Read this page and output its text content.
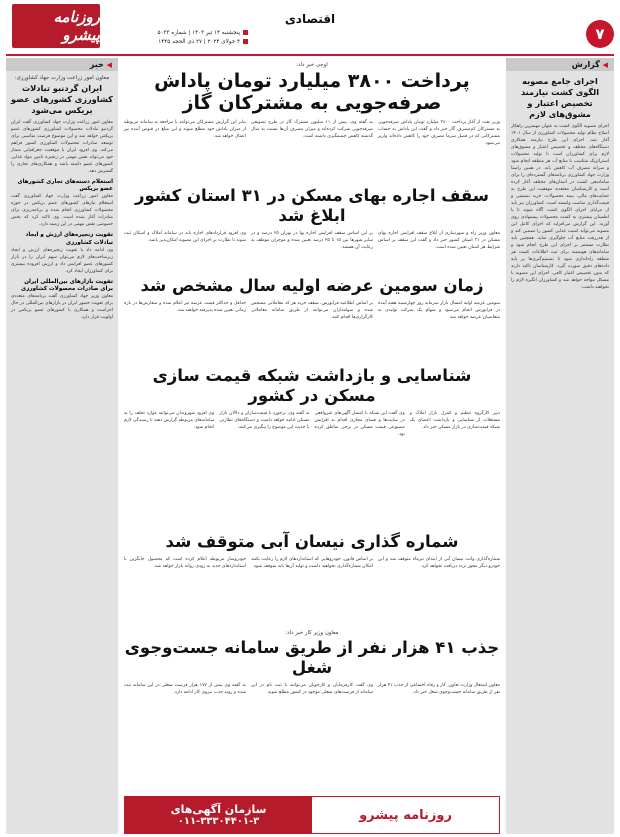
۷
اقتصادی
پنجشنبه ۱۴ تیر ۱۴۰۳ | شماره ۵۰۳۳
۴ جولای ۲۰۲۴ | ۲۷ ذی الحجه ۱۴۴۵
روزنامه پیشرو
◀ گزارش
اجرای جامع مصوبه الگوی کشت نیازمند تخصیص اعتبار و مشوق‌های لازم
اجرای مصوبه الگوی کشت به عنوان مهمترین راهکار اصلاح نظام تولید محصولات کشاورزی از سال ۱۴۰۱ آغاز شد. اجرای این طرح نیازمند همکاری دستگاه‌های مختلف و تخصیص اعتبار و مشوق‌های لازم برای کشاورزان است تا تولید محصولات استراتژیک متناسب با منابع آب هر منطقه انجام شود و سرانه مصرف آب کاهش یابد. در همین راستا وزارت جهاد کشاورزی برنامه‌های گسترده‌ای را برای ساماندهی کشت در استان‌های مختلف آغاز کرده است و کارشناسان معتقدند موفقیت این طرح به حمایت‌های مالی، بیمه محصولات، خرید تضمینی و قیمت‌گذاری مناسب وابسته است. کشاورزان نیز باید از مزایای اجرای الگوی کشت آگاه شوند تا با اطمینان بیشتری به کشت محصولات پیشنهادی روی آورند. این گزارش می‌افزاید که اجرای کامل این مصوبه می‌تواند امنیت غذایی کشور را تضمین کند و از هدررفت منابع آب جلوگیری نماید. همچنین باید نظارت مستمر بر اجرای این طرح انجام شود و سامانه‌های هوشمند برای ثبت اطلاعات کشت هر منطقه راه‌اندازی شود تا تصمیم‌گیری‌ها بر پایه داده‌های دقیق صورت گیرد. کارشناسان تاکید دارند که بدون تخصیص اعتبار کافی، اجرای این مصوبه با مشکل مواجه خواهد شد و کشاورزان انگیزه لازم را نخواهند داشت.
اوجی خبر داد:
پرداخت ۳۸۰۰ میلیارد تومان پاداش صرفه‌جویی به مشترکان گاز
وزیر نفت از آغاز پرداخت ۳۸۰۰ میلیارد تومان پاداش صرفه‌جویی به مشترکان کم‌مصرف گاز خبر داد و گفت این پاداش به حساب مشترکانی که در فصل سرما مصرف خود را کاهش داده‌اند واریز می‌شود.
به گفته وی، بیش از ۱۱ میلیون مشترک گاز در طرح تشویقی صرفه‌جویی شرکت کرده‌اند و میزان مصرف آن‌ها نسبت به سال گذشته کاهش چشمگیری داشته است.
بنابر این گزارش مشترکان می‌توانند با مراجعه به سامانه مربوطه از میزان پاداش خود مطلع شوند و این مبلغ در قبوض آینده نیز اعمال خواهد شد.
سقف اجاره بهای مسکن در ۳۱ استان کشور ابلاغ شد
معاون وزیر راه و شهرسازی از ابلاغ سقف افزایش اجاره بهای مسکن در ۳۱ استان کشور خبر داد و گفت این سقف بر اساس شرایط هر استان تعیین شده است.
بر این اساس سقف افزایش اجاره بها در تهران ۲۵ درصد و در سایر شهرها بین ۱۵ تا ۲۵ درصد تعیین شده و موجران موظف به رعایت آن هستند.
وی افزود قراردادهای اجاره باید در سامانه املاک و اسکان ثبت شوند تا نظارت بر اجرای این مصوبه امکان‌پذیر باشد.
زمان سومین عرضه اولیه سال مشخص شد
سومین عرضه اولیه امسال بازار سرمایه روز چهارشنبه هفته آینده در فرابورس انجام می‌شود و سهام یک شرکت تولیدی به متقاضیان عرضه خواهد شد.
بر اساس اطلاعیه فرابورس، سقف خرید هر کد معاملاتی مشخص شده و سهامداران می‌توانند از طریق سامانه معاملاتی کارگزاری‌ها اقدام کنند.
حداقل و حداکثر قیمت عرضه نیز اعلام شده و سفارش‌ها در بازه زمانی تعیین شده پذیرفته خواهند شد.
شناسایی و بازداشت شبکه قیمت سازی مسکن در کشور
دبیر کارگروه تنظیم و کنترل بازار املاک و مستغلات از شناسایی و بازداشت اعضای یک شبکه قیمت‌سازی در بازار مسکن خبر داد.
وی گفت این شبکه با انتشار آگهی‌های غیرواقعی در سایت‌ها و فضای مجازی اقدام به افزایش مصنوعی قیمت مسکن در برخی مناطق کرده بود.
به گفته وی، برخورد با قیمت‌سازان و دلالان بازار مسکن ادامه خواهد داشت و دستگاه‌های نظارتی با جدیت این موضوع را پیگیری می‌کنند.
وی افزود شهروندان می‌توانند موارد تخلف را به سامانه‌های مربوطه گزارش دهند تا رسیدگی لازم انجام شود.
شماره گذاری نیسان آبی متوقف شد
شماره‌گذاری وانت نیسان آبی از ابتدای تیرماه متوقف شد و این خودرو دیگر مجوز تردد دریافت نخواهد کرد.
بر اساس قانون، خودروهایی که استانداردهای لازم را رعایت نکنند امکان شماره‌گذاری نخواهند داشت و تولید آن‌ها باید متوقف شود.
خودروساز مربوطه اعلام کرده است که محصول جایگزین با استانداردهای جدید به زودی روانه بازار خواهد شد.
معاون وزیر کار خبر داد:
جذب ۴۱ هزار نفر از طریق سامانه جست‌وجوی شغل
معاون اشتغال وزارت تعاون، کار و رفاه اجتماعی از جذب ۴۱ هزار نفر از طریق سامانه جست‌وجوی شغل خبر داد.
وی گفت کارفرمایان و کارجویان می‌توانند با ثبت نام در این سامانه از فرصت‌های شغلی موجود در کشور مطلع شوند.
به گفته وی بیش از ۱۷۷ هزار فرصت شغلی در این سامانه ثبت شده و روند جذب نیروی کار ادامه دارد.
◀ خبر
معاون امور زراعت وزارت جهاد کشاورزی:
ایران گردنبو تبادلات کشاورزی کشورهای عضو بریکس می‌شود
معاون امور زراعت وزارت جهاد کشاورزی گفت ایران گردنبو تبادلات محصولات کشاورزی کشورهای عضو بریکس خواهد شد و این موضوع فرصت مناسبی برای توسعه صادرات محصولات کشاورزی کشور فراهم می‌کند. وی افزود ایران با موقعیت جغرافیایی ممتاز خود می‌تواند نقش مهمی در زنجیره تامین مواد غذایی کشورهای عضو داشته باشد و همکاری‌های تجاری را گسترش دهد.
استعلام دسته‌های تجاری کشورهای عضو بریکس
معاون امور زراعت وزارت جهاد کشاورزی گفت استعلام نیازهای کشورهای عضو بریکس در حوزه محصولات کشاورزی انجام شده و برنامه‌ریزی برای صادرات آغاز شده است. وی تاکید کرد که بخش خصوصی نقش مهمی در این زمینه دارد.
تقویت زنجیره‌های ارزش و ایجاد تبادلات کشاورزی
وی ادامه داد با تقویت زنجیره‌های ارزش و ایجاد زیرساخت‌های لازم می‌توان سهم ایران را در بازار کشورهای عضو افزایش داد و ارزش افزوده بیشتری برای کشاورزان ایجاد کرد.
تقویت بازارهای بین‌المللی ایران برای صادرات محصولات کشاورزی
معاون وزیر جهاد کشاورزی گفت برنامه‌های متعددی برای تقویت حضور ایران در بازارهای بین‌المللی در حال اجراست و همکاری با کشورهای عضو بریکس در اولویت قرار دارد.
روزنامه پیشرو
سازمان آگهی‌های
۰۱۱-۳۳۳۰۴۴۰۱-۳
